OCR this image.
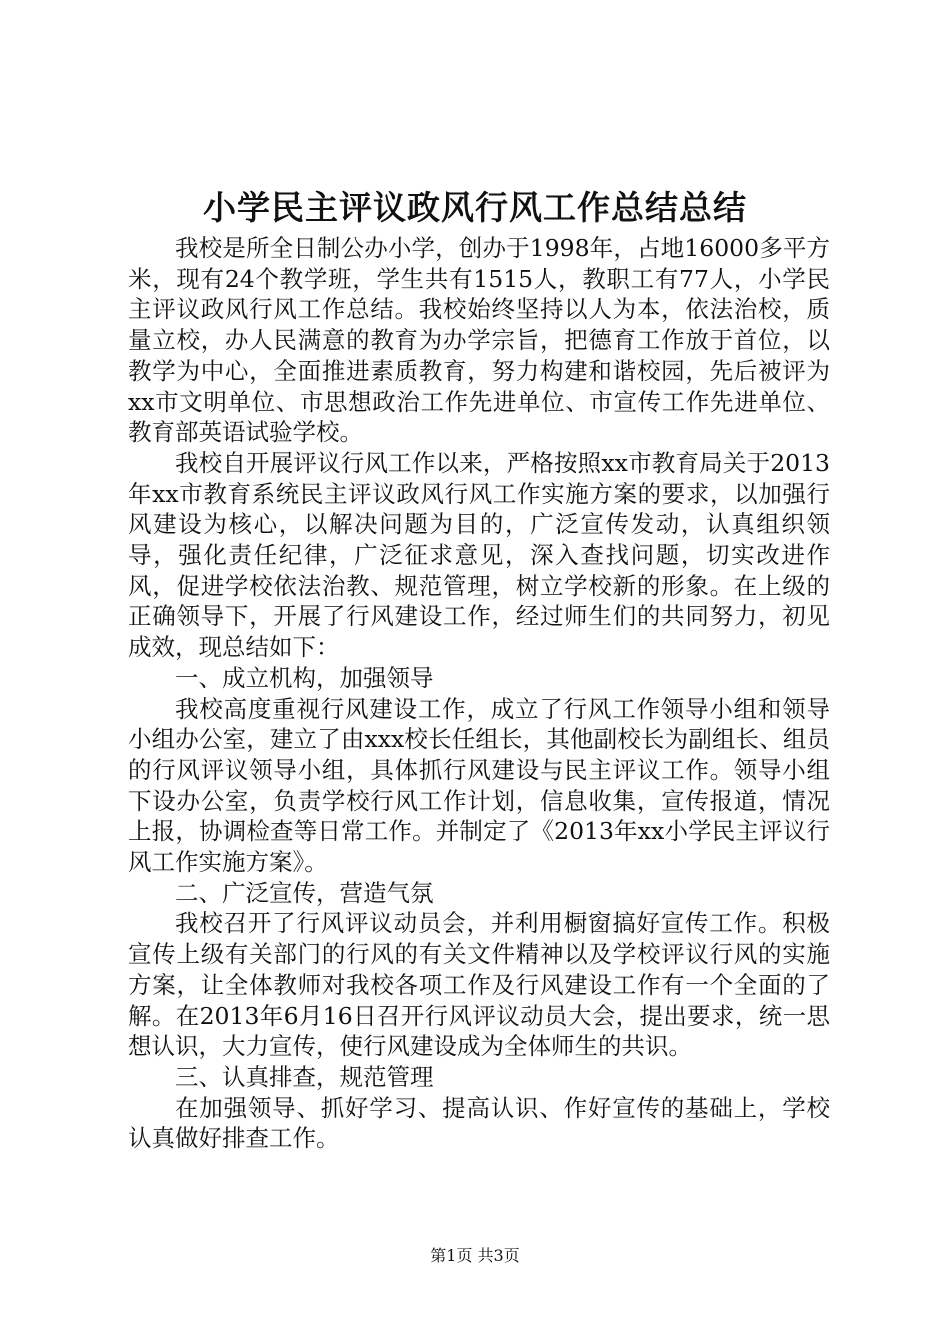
小学民主评议政风行风工作总结总结

我校是所全日制公办小学，创办于1998年，占地16000多平方米，现有24个教学班，学生共有1515人，教职工有77人，小学民主评议政风行风工作总结。我校始终坚持以人为本，依法治校，质量立校，办人民满意的教育为办学宗旨，把德育工作放于首位，以教学为中心，全面推进素质教育，努力构建和谐校园，先后被评为xx市文明单位、市思想政治工作先进单位、市宣传工作先进单位、教育部英语试验学校。

我校自开展评议行风工作以来，严格按照xx市教育局关于2013年xx市教育系统民主评议政风行风工作实施方案的要求，以加强行风建设为核心，以解决问题为目的，广泛宣传发动，认真组织领导，强化责任纪律，广泛征求意见，深入查找问题，切实改进作风，促进学校依法治教、规范管理，树立学校新的形象。在上级的正确领导下，开展了行风建设工作，经过师生们的共同努力，初见成效，现总结如下：

一、成立机构，加强领导

我校高度重视行风建设工作，成立了行风工作领导小组和领导小组办公室，建立了由xxx校长任组长，其他副校长为副组长、组员的行风评议领导小组，具体抓行风建设与民主评议工作。领导小组下设办公室，负责学校行风工作计划，信息收集，宣传报道，情况上报，协调检查等日常工作。并制定了《2013年xx小学民主评议行风工作实施方案》。

二、广泛宣传，营造气氛

我校召开了行风评议动员会，并利用橱窗搞好宣传工作。积极宣传上级有关部门的行风的有关文件精神以及学校评议行风的实施方案，让全体教师对我校各项工作及行风建设工作有一个全面的了解。在2013年6月16日召开行风评议动员大会，提出要求，统一思想认识，大力宣传，使行风建设成为全体师生的共识。

三、认真排查，规范管理

在加强领导、抓好学习、提高认识、作好宣传的基础上，学校认真做好排查工作。

第1页 共3页
